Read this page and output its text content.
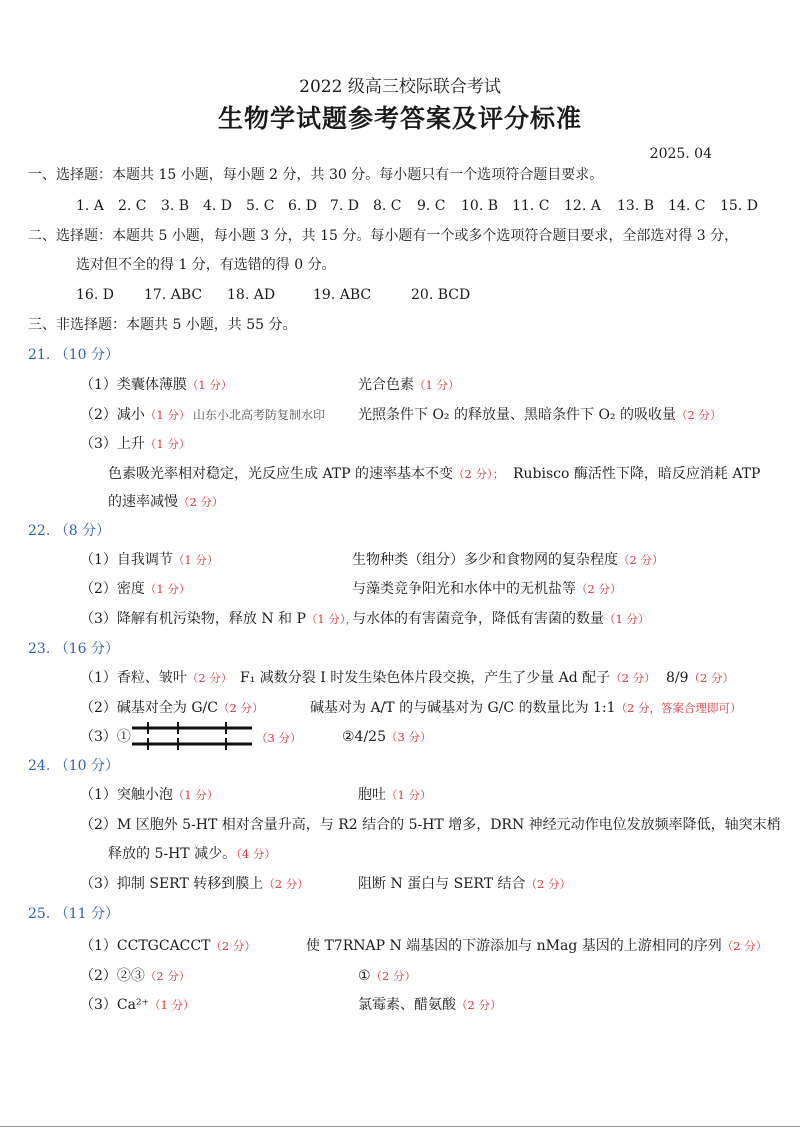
2022 级高三校际联合考试
生物学试题参考答案及评分标准
2025. 04
一、选择题：本题共 15 小题，每小题 2 分，共 30 分。每小题只有一个选项符合题目要求。
1. A 2. C 3. B 4. D 5. C 6. D 7. D 8. C 9. C 10. B 11. C 12. A 13. B 14. C 15. D
二、选择题：本题共 5 小题，每小题 3 分，共 15 分。每小题有一个或多个选项符合题目要求，全部选对得 3 分，
选对但不全的得 1 分，有选错的得 0 分。
16. D 17. ABC 18. AD	19. ABC	20. BCD
三、非选择题：本题共 5 小题，共 55 分。
21. （10 分）
（1）类囊体薄膜（1 分）	光合色素（1 分）
（2）减小（1 分） 山东小北高考防复制水印 光照条件下 O₂ 的释放量、黑暗条件下 O₂ 的吸收量（2 分）
（3）上升（1 分）
色素吸光率相对稳定，光反应生成 ATP 的速率基本不变（2 分）； Rubisco 酶活性下降，暗反应消耗 ATP
的速率减慢（2 分）
22. （8 分）
（1）自我调节（1 分）	生物种类（组分）多少和食物网的复杂程度（2 分）
（2）密度（1 分）	与藻类竞争阳光和水体中的无机盐等（2 分）
（3）降解有机污染物，释放 N 和 P（1 分），
与水体的有害菌竞争，降低有害菌的数量（1 分）
23. （16 分）
（1）香粒、皱叶（2 分） F₁ 减数分裂 I 时发生染色体片段交换，产生了少量 Ad 配子（2 分） 8/9（2 分）
（2）碱基对全为 G/C（2 分）	碱基对为 A/T 的与碱基对为 G/C 的数量比为 1:1（2 分，答案合理即可）
（3）①	（3 分）	②4/25（3 分）
24. （10 分）
（1）突触小泡（1 分）	胞吐（1 分）
（2）M 区胞外 5-HT 相对含量升高，与 R2 结合的 5-HT 增多，DRN 神经元动作电位发放频率降低，轴突末梢
释放的 5-HT 减少。（4 分）
（3）抑制 SERT 转移到膜上（2 分）	阻断 N 蛋白与 SERT 结合（2 分）
25. （11 分）
（1）CCTGCACCT（2 分）	使 T7RNAP N 端基因的下游添加与 nMag 基因的上游相同的序列（2 分）
（2）②③（2 分）	①（2 分）
（3）Ca²⁺（1 分）	氯霉素、醋氨酸（2 分）
